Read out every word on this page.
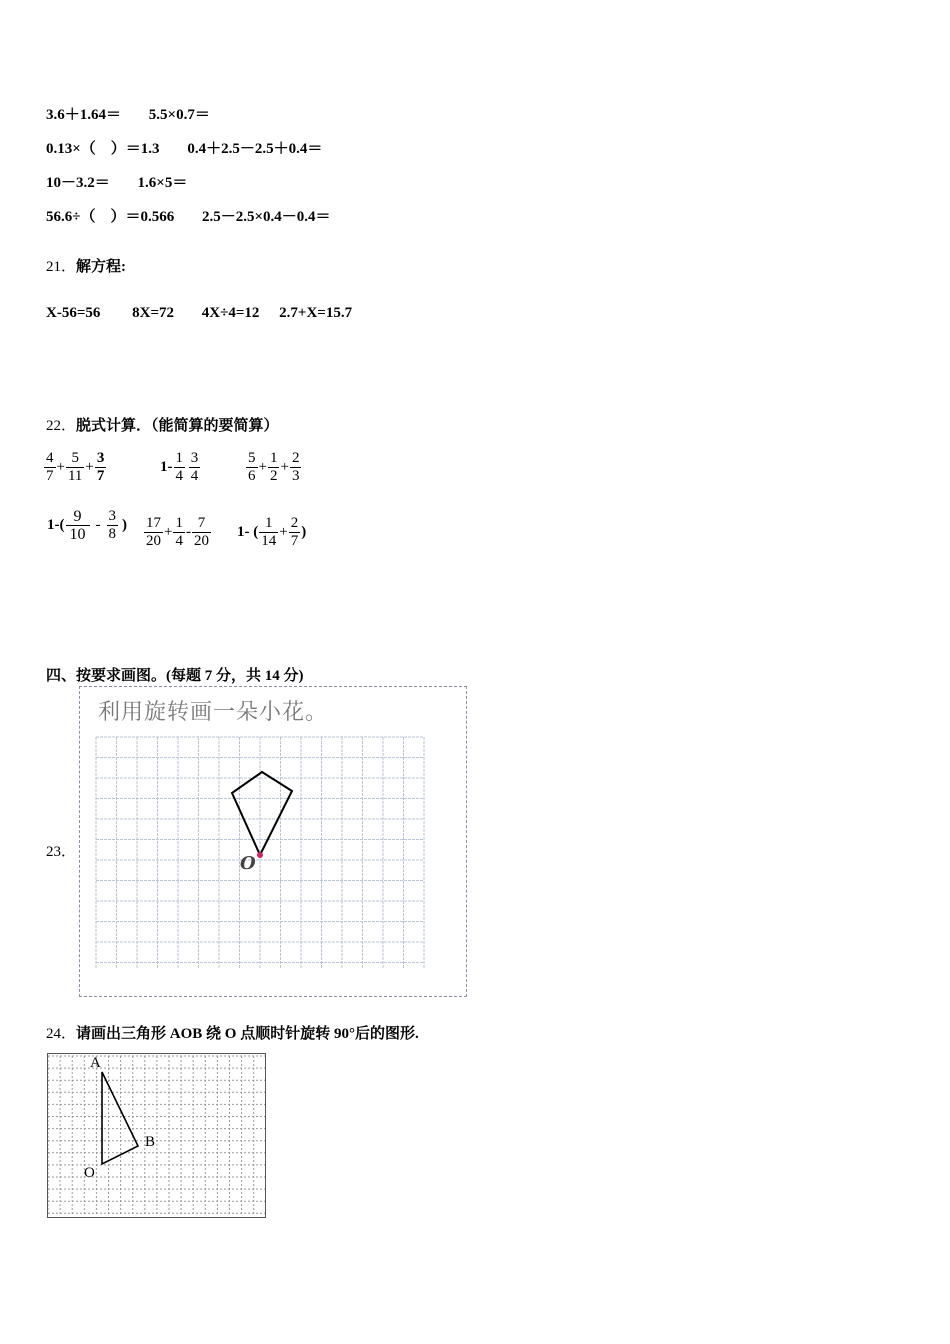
3.6＋1.64＝ 5.5×0.7＝
0.13×（　）＝1.3 0.4＋2.5－2.5＋0.4＝
10－3.2＝ 1.6×5＝
56.6÷（　）＝0.566 2.5－2.5×0.4－0.4＝
21．解方程:
X-56=56 8X=72 4X÷4=12 2.7+X=15.7
22．脱式计算．（能简算的要简算）
$\frac{4}{7} + \frac{5}{11} + \frac{3}{7}$	$1- \frac{1}{4}$
$\frac{3}{4}$	$\frac{5}{6} + \frac{1}{2} + \frac{2}{3}$
$1-( \frac{9}{10} - \frac{3}{8}$ ) $\frac{17}{20} + \frac{1}{4} - \frac{7}{20} 1-$ ( $\frac{1}{14} + \frac{2}{7}$ )
四、按要求画图。(每题 7 分，共 14 分)
23．
利用旋转画一朵小花。
O
24．请画出三角形 AOB 绕 O 点顺时针旋转 90°后的图形.
A
B
O
